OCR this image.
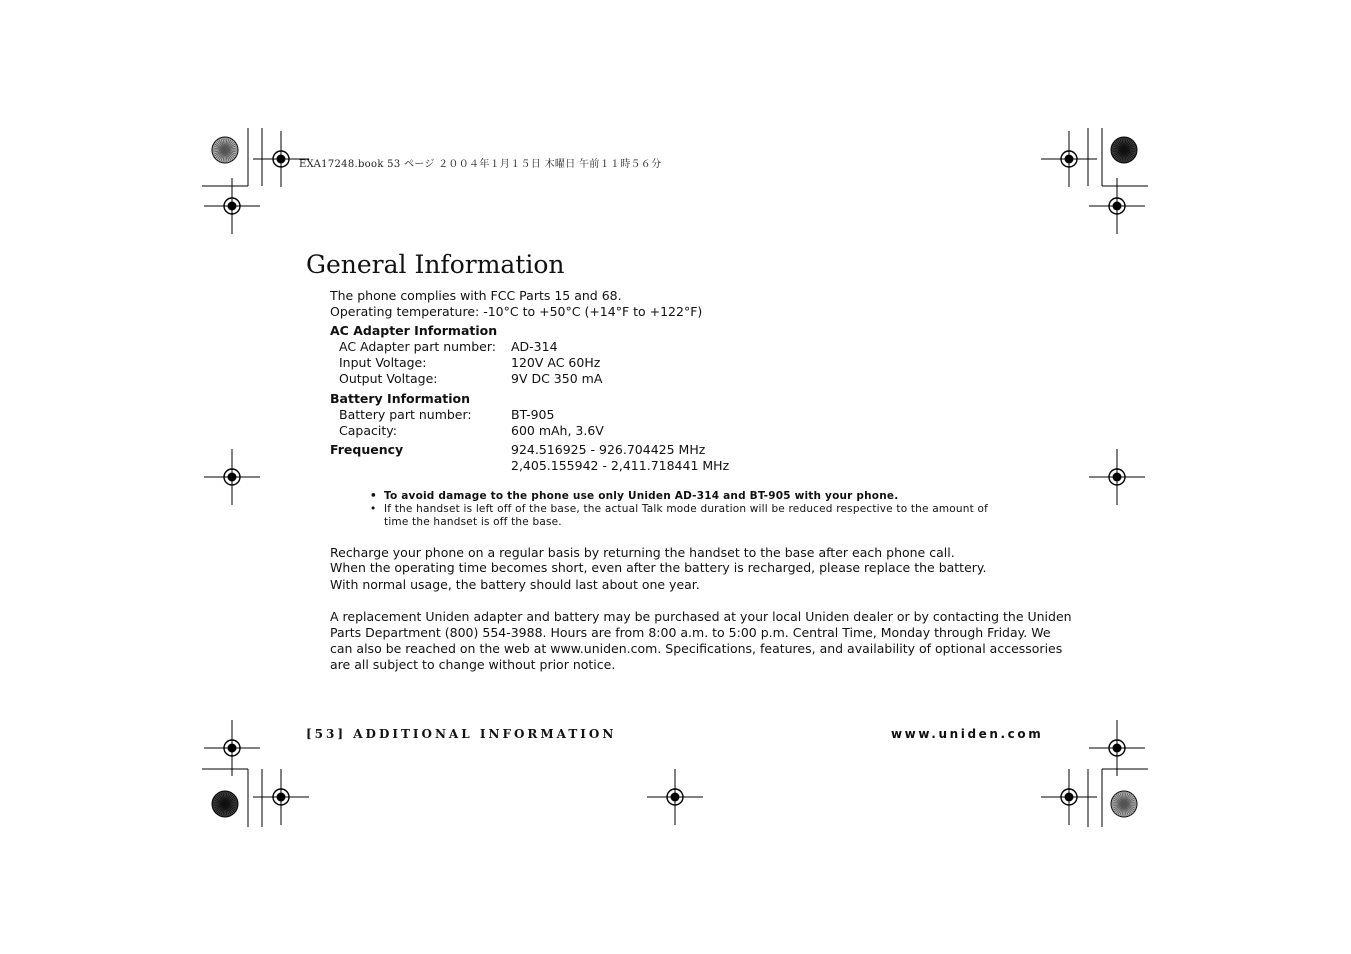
EXA17248.book 53 ページ ２００４年１月１５日 木曜日 午前１１時５６分
General Information
The phone complies with FCC Parts 15 and 68.
Operating temperature: -10°C to +50°C (+14°F to +122°F)
AC Adapter Information
AC Adapter part number: AD-314
Input Voltage:	120V AC 60Hz
Output Voltage:	9V DC 350 mA
Battery Information
Battery part number:	BT-905
Capacity:	600 mAh, 3.6V
Frequency	924.516925 - 926.704425 MHz
2,405.155942 - 2,411.718441 MHz
• To avoid damage to the phone use only Uniden AD-314 and BT-905 with your phone.
• If the handset is left off of the base, the actual Talk mode duration will be reduced respective to the amount of
time the handset is off the base.
Recharge your phone on a regular basis by returning the handset to the base after each phone call.
When the operating time becomes short, even after the battery is recharged, please replace the battery.
With normal usage, the battery should last about one year.
A replacement Uniden adapter and battery may be purchased at your local Uniden dealer or by contacting the Uniden
Parts Department (800) 554-3988. Hours are from 8:00 a.m. to 5:00 p.m. Central Time, Monday through Friday. We
can also be reached on the web at www.uniden.com. Specifications, features, and availability of optional accessories
are all subject to change without prior notice.
[53] ADDITIONAL INFORMATION	www.uniden.com
